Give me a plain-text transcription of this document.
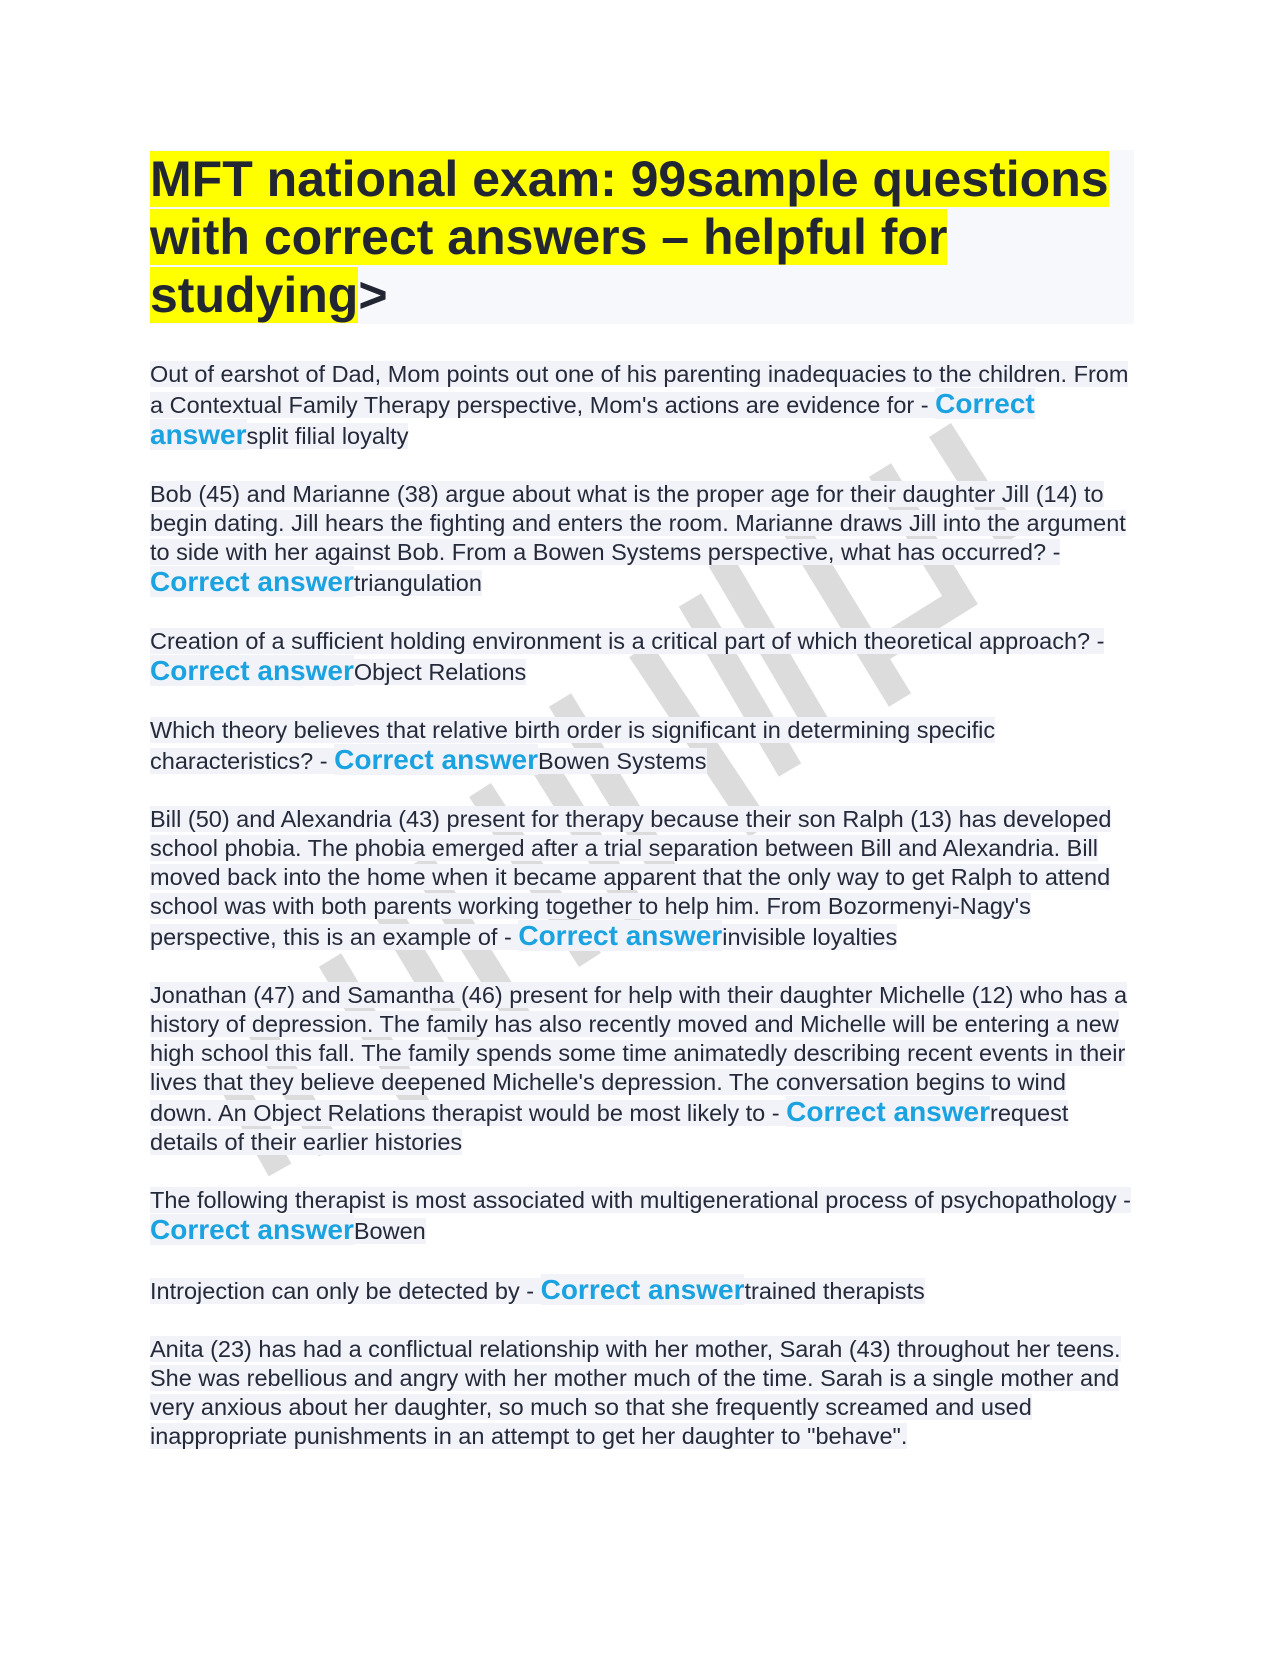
MFT national exam: 99sample questions with correct answers – helpful for studying>

Out of earshot of Dad, Mom points out one of his parenting inadequacies to the children. From a Contextual Family Therapy perspective, Mom's actions are evidence for - Correct answersplit filial loyalty

Bob (45) and Marianne (38) argue about what is the proper age for their daughter Jill (14) to begin dating. Jill hears the fighting and enters the room. Marianne draws Jill into the argument to side with her against Bob. From a Bowen Systems perspective, what has occurred? - Correct answertriangulation

Creation of a sufficient holding environment is a critical part of which theoretical approach? - Correct answerObject Relations

Which theory believes that relative birth order is significant in determining specific characteristics? - Correct answerBowen Systems

Bill (50) and Alexandria (43) present for therapy because their son Ralph (13) has developed school phobia. The phobia emerged after a trial separation between Bill and Alexandria. Bill moved back into the home when it became apparent that the only way to get Ralph to attend school was with both parents working together to help him. From Bozormenyi-Nagy's perspective, this is an example of - Correct answerinvisible loyalties

Jonathan (47) and Samantha (46) present for help with their daughter Michelle (12) who has a history of depression. The family has also recently moved and Michelle will be entering a new high school this fall. The family spends some time animatedly describing recent events in their lives that they believe deepened Michelle's depression. The conversation begins to wind down. An Object Relations therapist would be most likely to - Correct answerrequest details of their earlier histories

The following therapist is most associated with multigenerational process of psychopathology - Correct answerBowen

Introjection can only be detected by - Correct answertrained therapists

Anita (23) has had a conflictual relationship with her mother, Sarah (43) throughout her teens. She was rebellious and angry with her mother much of the time. Sarah is a single mother and very anxious about her daughter, so much so that she frequently screamed and used inappropriate punishments in an attempt to get her daughter to "behave".
